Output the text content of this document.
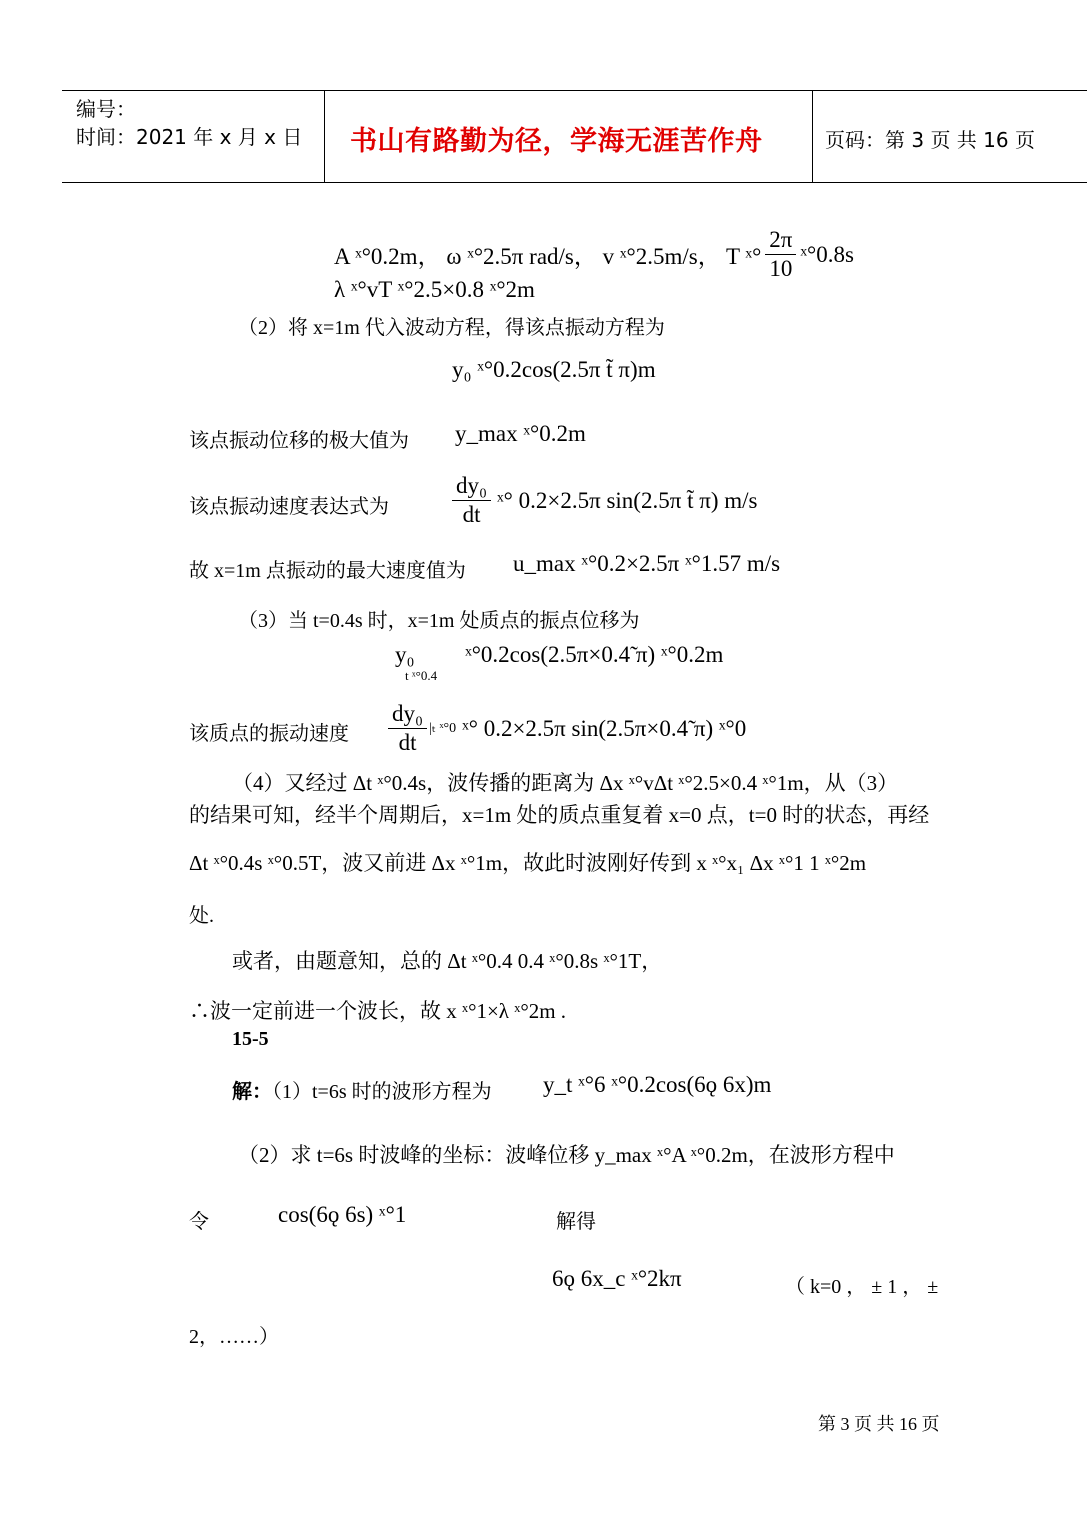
编号：
时间：2021 年 x 月 x 日 书山有路勤为径，学海无涯苦作舟	页码：第 3 页 共 16 页
A ˣ°0.2m， ω ˣ°2.5π rad/s， v ˣ°2.5m/s， T ˣ° $\frac{2\pi}{10}$ ˣ°0.8s
λ ˣ°vT ˣ°2.5×0.8 ˣ°2m
（2）将 x=1m 代入波动方程，得该点振动方程为
y₀ ˣ°0.2cos(2.5π t̃ π)m
该点振动位移的极大值为 y_max ˣ°0.2m
该点振动速度表达式为	$\frac{\text{dy₀}}{dt}$ ˣ° 0.2×2.5π sin(2.5π t̃ π) m/s
故 x=1m 点振动的最大速度值为 u_max ˣ°0.2×2.5π ˣ°1.57 m/s
（3）当 t=0.4s 时，x=1m 处质点的振点位移为
y₀
t ˣ°0.4
ˣ°0.2cos(2.5π×0.4̃ π) ˣ°0.2m
该质点的振动速度 $\frac{\text{dy₀}}{dt} |_t$ ˣ°0 ˣ° 0.2×2.5π sin(2.5π×0.4̃ π) ˣ°0
（4）又经过 Δt ˣ°0.4s，波传播的距离为 Δx ˣ°vΔt ˣ°2.5×0.4 ˣ°1m，从（3）
的结果可知，经半个周期后，x=1m 处的质点重复着 x=0 点，t=0 时的状态，再经
Δt ˣ°0.4s ˣ°0.5T，波又前进 Δx ˣ°1m，故此时波刚好传到 x ˣ°x₁ Δx ˣ°1 1 ˣ°2m
处.
或者，由题意知，总的 Δt ˣ°0.4 0.4 ˣ°0.8s ˣ°1T，
∴波一定前进一个波长，故 x ˣ°1×λ ˣ°2m .
15-5
解：（1）t=6s 时的波形方程为 y_t ˣ°6 ˣ°0.2cos(6ǫ 6x)m
（2）求 t=6s 时波峰的坐标：波峰位移 y_max ˣ°A ˣ°0.2m，在波形方程中
令	cos(6ǫ 6s) ˣ°1	解得
6ǫ 6x_c ˣ°2kπ	（ k=0 ， ± 1 ， ±
2，……）
第 3 页 共 16 页
